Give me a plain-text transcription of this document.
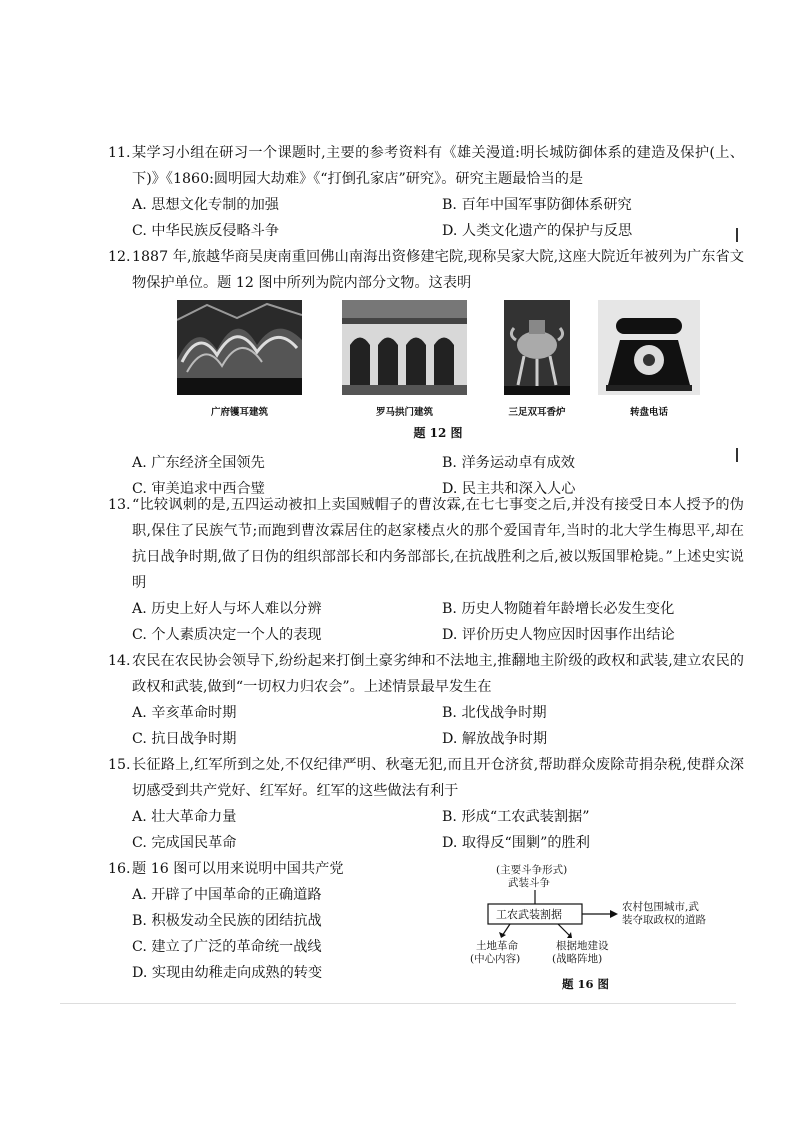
11. 某学习小组在研习一个课题时,主要的参考资料有《雄关漫道:明长城防御体系的建造及保护(上、下)》《1860:圆明园大劫难》《“打倒孔家店”研究》。研究主题最恰当的是
A. 思想文化专制的加强	B. 百年中国军事防御体系研究
C. 中华民族反侵略斗争	D. 人类文化遗产的保护与反思
12. 1887 年,旅越华商吴庚南重回佛山南海出资修建宅院,现称吴家大院,这座大院近年被列为广东省文物保护单位。题 12 图中所列为院内部分文物。这表明
广府镬耳建筑	罗马拱门建筑	三足双耳香炉	转盘电话
题 12 图
A. 广东经济全国领先	B. 洋务运动卓有成效
C. 审美追求中西合璧	D. 民主共和深入人心
13. “比较讽刺的是,五四运动被扣上卖国贼帽子的曹汝霖,在七七事变之后,并没有接受日本人授予的伪职,保住了民族气节;而跑到曹汝霖居住的赵家楼点火的那个爱国青年,当时的北大学生梅思平,却在抗日战争时期,做了日伪的组织部部长和内务部部长,在抗战胜利之后,被以叛国罪枪毙。”上述史实说明
A. 历史上好人与坏人难以分辨	B. 历史人物随着年龄增长必发生变化
C. 个人素质决定一个人的表现	D. 评价历史人物应因时因事作出结论
14. 农民在农民协会领导下,纷纷起来打倒土豪劣绅和不法地主,推翻地主阶级的政权和武装,建立农民的政权和武装,做到“一切权力归农会”。上述情景最早发生在
A. 辛亥革命时期	B. 北伐战争时期
C. 抗日战争时期	D. 解放战争时期
15. 长征路上,红军所到之处,不仅纪律严明、秋毫无犯,而且开仓济贫,帮助群众废除苛捐杂税,使群众深切感受到共产党好、红军好。红军的这些做法有利于
A. 壮大革命力量	B. 形成“工农武装割据”
C. 完成国民革命	D. 取得反“围剿”的胜利
16. 题 16 图可以用来说明中国共产党
A. 开辟了中国革命的正确道路
B. 积极发动全民族的团结抗战
C. 建立了广泛的革命统一战线
D. 实现由幼稚走向成熟的转变
(主要斗争形式)
武装斗争
工农武装割据
农村包围城市,武
装夺取政权的道路
土地革命
(中心内容)
根据地建设
(战略阵地)
题 16 图
